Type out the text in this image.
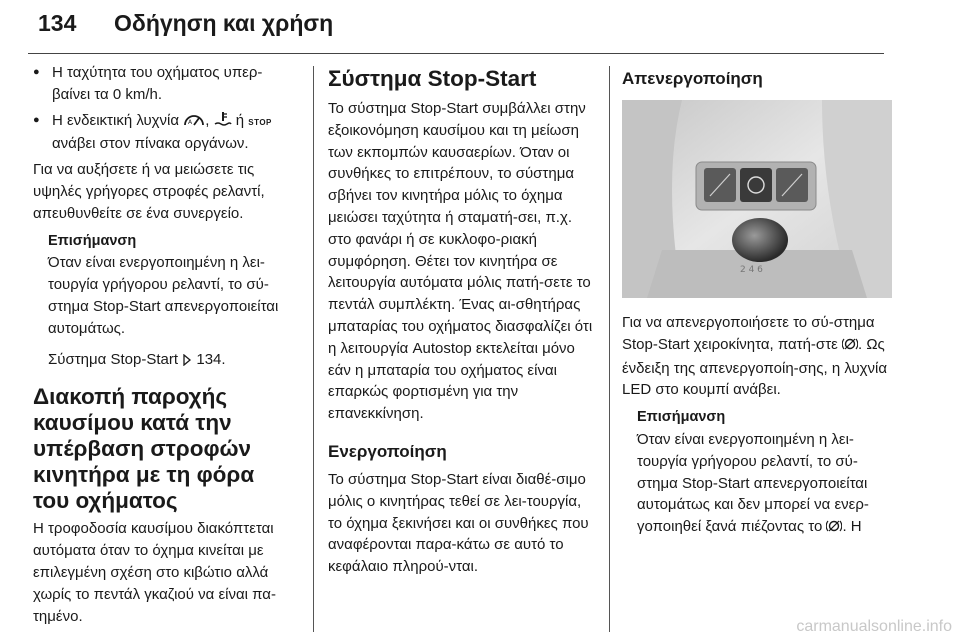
134 Οδήγηση και χρήση
● Η ταχύτητα του οχήματος υπερ-βαίνει τα 0 km/h.
● Η ενδεικτική λυχνία A , ή STOP ανάβει στον πίνακα οργάνων.

Για να αυξήσετε ή να μειώσετε τις υψηλές γρήγορες στροφές ρελαντί, απευθυνθείτε σε ένα συνεργείο.

Επισήμανση

Όταν είναι ενεργοποιημένη η λει-τουργία γρήγορου ρελαντί, το σύ-στημα Stop-Start απενεργοποιείται αυτομάτως.

Σύστημα Stop-Start 134.

Διακοπή παροχής καυσίμου κατά την υπέρβαση στροφών κινητήρα με τη φόρα του οχήματος

Η τροφοδοσία καυσίμου διακόπτεται αυτόματα όταν το όχημα κινείται με επιλεγμένη σχέση στο κιβώτιο αλλά χωρίς το πεντάλ γκαζιού να είναι πα-τημένο.

Σύστημα Stop-Start

Το σύστημα Stop-Start συμβάλλει στην εξοικονόμηση καυσίμου και τη μείωση των εκπομπών καυσαερίων. Όταν οι συνθήκες το επιτρέπουν, το σύστημα σβήνει τον κινητήρα μόλις το όχημα μειώσει ταχύτητα ή σταματή-σει, π.χ. στο φανάρι ή σε κυκλοφο-ριακή συμφόρηση. Θέτει τον κινητήρα σε λειτουργία αυτόματα μόλις πατή-σετε το πεντάλ συμπλέκτη. Ένας αι-σθητήρας μπαταρίας του οχήματος διασφαλίζει ότι η λειτουργία Autostop εκτελείται μόνο εάν η μπαταρία του οχήματος είναι επαρκώς φορτισμένη για την επανεκκίνηση.

Ενεργοποίηση

Το σύστημα Stop-Start είναι διαθέ-σιμο μόλις ο κινητήρας τεθεί σε λει-τουργία, το όχημα ξεκινήσει και οι συνθήκες που αναφέρονται παρα-κάτω σε αυτό το κεφάλαιο πληρού-νται.

Απενεργοποίηση
2 4 6

Για να απενεργοποιήσετε το σύ-στημα Stop-Start χειροκίνητα, πατή-στε . Ως ένδειξη της απενεργοποίη-σης, η λυχνία LED στο κουμπί ανάβει.

Επισήμανση

Όταν είναι ενεργοποιημένη η λει-τουργία γρήγορου ρελαντί, το σύ-στημα Stop-Start απενεργοποιείται αυτομάτως και δεν μπορεί να ενερ-γοποιηθεί ξανά πιέζοντας το . Η

carmanualsonline.info
